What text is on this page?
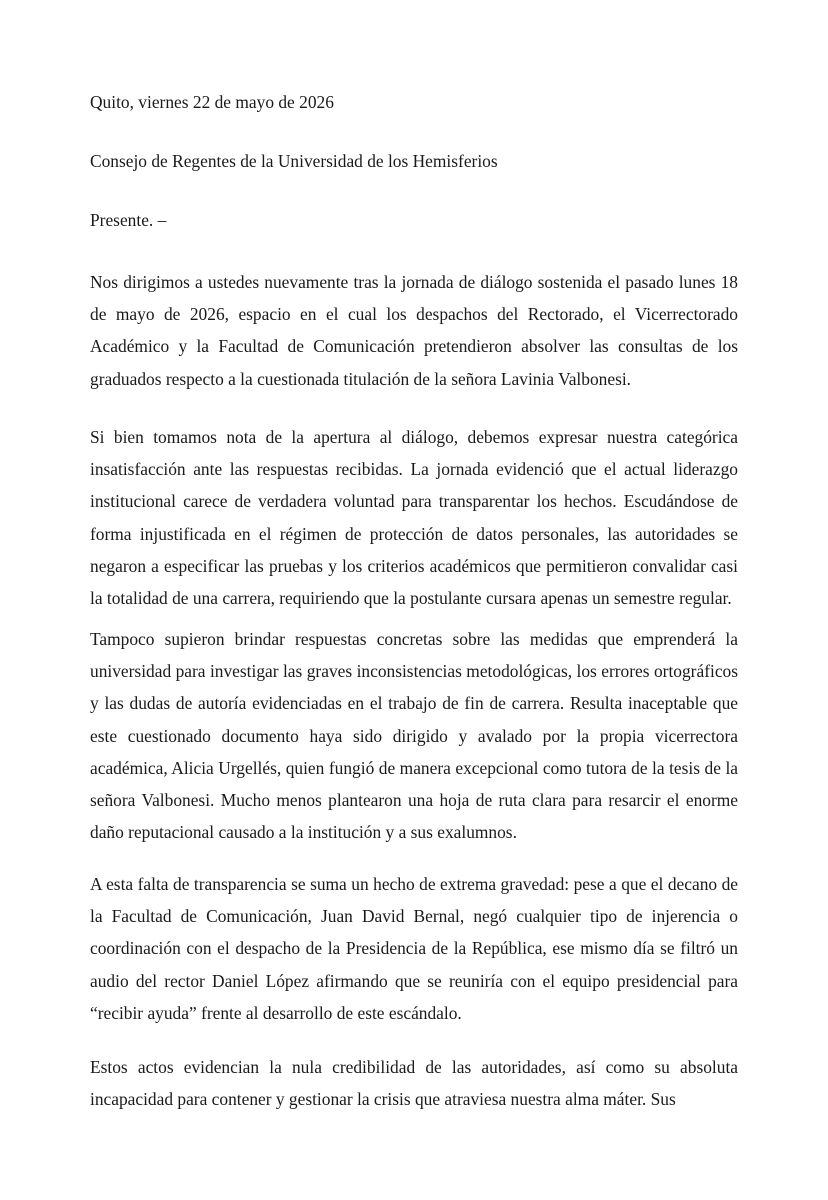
Quito, viernes 22 de mayo de 2026

Consejo de Regentes de la Universidad de los Hemisferios

Presente. –

Nos dirigimos a ustedes nuevamente tras la jornada de diálogo sostenida el pasado lunes 18 de mayo de 2026, espacio en el cual los despachos del Rectorado, el Vicerrectorado Académico y la Facultad de Comunicación pretendieron absolver las consultas de los graduados respecto a la cuestionada titulación de la señora Lavinia Valbonesi.

Si bien tomamos nota de la apertura al diálogo, debemos expresar nuestra categórica insatisfacción ante las respuestas recibidas. La jornada evidenció que el actual liderazgo institucional carece de verdadera voluntad para transparentar los hechos. Escudándose de forma injustificada en el régimen de protección de datos personales, las autoridades se negaron a especificar las pruebas y los criterios académicos que permitieron convalidar casi la totalidad de una carrera, requiriendo que la postulante cursara apenas un semestre regular.

Tampoco supieron brindar respuestas concretas sobre las medidas que emprenderá la universidad para investigar las graves inconsistencias metodológicas, los errores ortográficos y las dudas de autoría evidenciadas en el trabajo de fin de carrera. Resulta inaceptable que este cuestionado documento haya sido dirigido y avalado por la propia vicerrectora académica, Alicia Urgellés, quien fungió de manera excepcional como tutora de la tesis de la señora Valbonesi. Mucho menos plantearon una hoja de ruta clara para resarcir el enorme daño reputacional causado a la institución y a sus exalumnos.

A esta falta de transparencia se suma un hecho de extrema gravedad: pese a que el decano de la Facultad de Comunicación, Juan David Bernal, negó cualquier tipo de injerencia o coordinación con el despacho de la Presidencia de la República, ese mismo día se filtró un audio del rector Daniel López afirmando que se reuniría con el equipo presidencial para “recibir ayuda” frente al desarrollo de este escándalo.

Estos actos evidencian la nula credibilidad de las autoridades, así como su absoluta incapacidad para contener y gestionar la crisis que atraviesa nuestra alma máter. Sus
